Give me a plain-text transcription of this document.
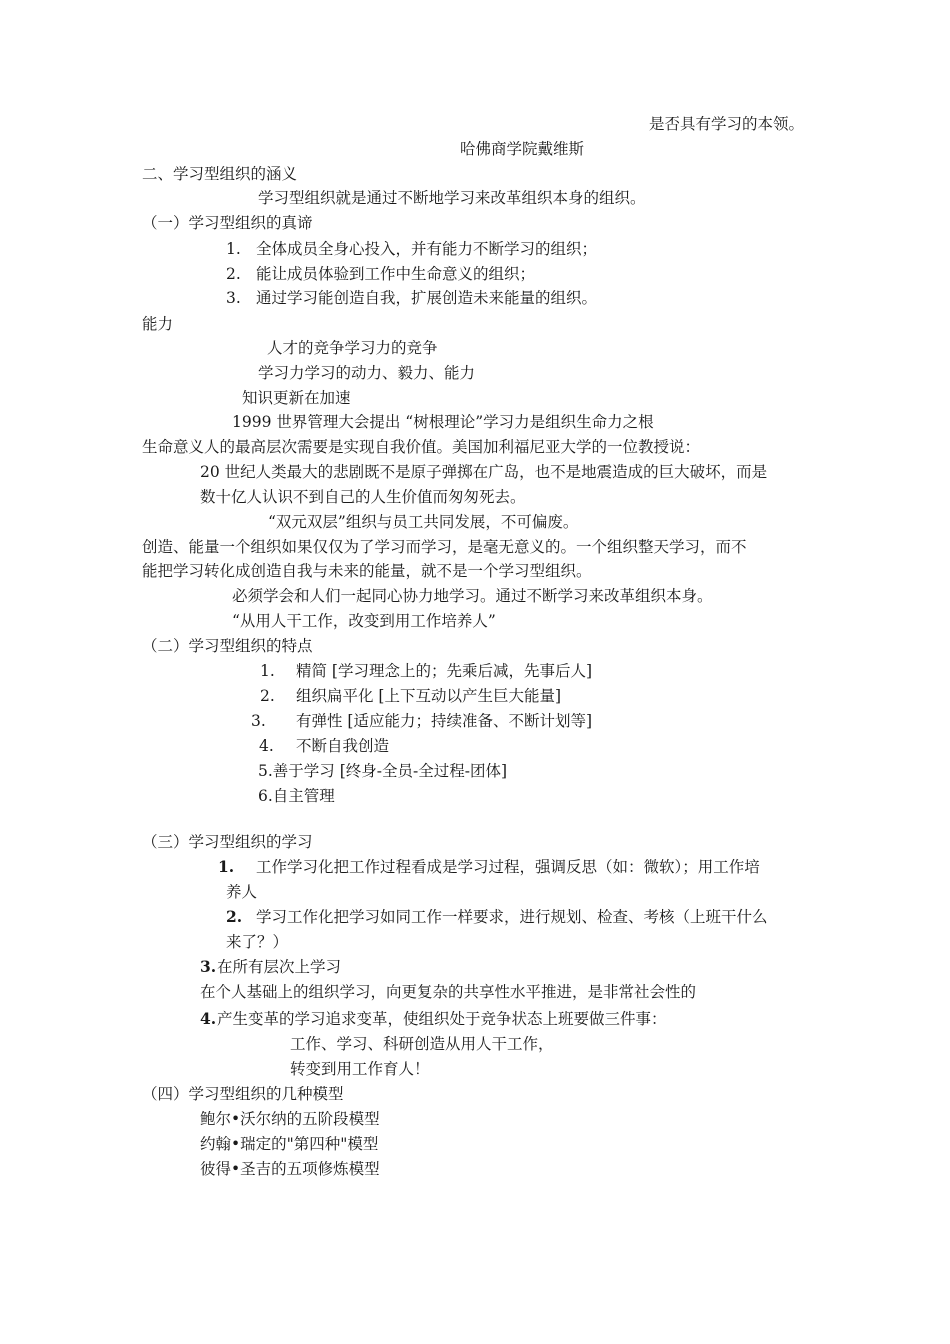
是否具有学习的本领。
哈佛商学院戴维斯
二、学习型组织的涵义
学习型组织就是通过不断地学习来改革组织本身的组织。
（一）学习型组织的真谛
1. 全体成员全身心投入，并有能力不断学习的组织；
2. 能让成员体验到工作中生命意义的组织；
3. 通过学习能创造自我，扩展创造未来能量的组织。
能力
人才的竞争学习力的竞争
学习力学习的动力、毅力、能力
知识更新在加速
1999 世界管理大会提出 “树根理论”学习力是组织生命力之根
生命意义人的最高层次需要是实现自我价值。美国加利福尼亚大学的一位教授说：
20 世纪人类最大的悲剧既不是原子弹掷在广岛，也不是地震造成的巨大破坏，而是
数十亿人认识不到自己的人生价值而匆匆死去。
“双元双层”组织与员工共同发展，不可偏废。
创造、能量一个组织如果仅仅为了学习而学习，是毫无意义的。一个组织整天学习，而不
能把学习转化成创造自我与未来的能量，就不是一个学习型组织。
必须学会和人们一起同心协力地学习。通过不断学习来改革组织本身。
“从用人干工作，改变到用工作培养人”
（二）学习型组织的特点
1. 精简 [学习理念上的；先乘后减，先事后人]
2. 组织扁平化 [上下互动以产生巨大能量]
3. 有弹性 [适应能力；持续准备、不断计划等]
4. 不断自我创造
5.善于学习 [终身-全员-全过程-团体]
6.自主管理
（三）学习型组织的学习
1. 工作学习化把工作过程看成是学习过程，强调反思（如：微软）；用工作培
养人
2. 学习工作化把学习如同工作一样要求，进行规划、检查、考核（上班干什么
来了？）
3.在所有层次上学习
在个人基础上的组织学习，向更复杂的共享性水平推进，是非常社会性的
4.产生变革的学习追求变革，使组织处于竞争状态上班要做三件事：
工作、学习、科研创造从用人干工作，
转变到用工作育人！
（四）学习型组织的几种模型
鲍尔•沃尔纳的五阶段模型
约翰•瑞定的"第四种"模型
彼得•圣吉的五项修炼模型
